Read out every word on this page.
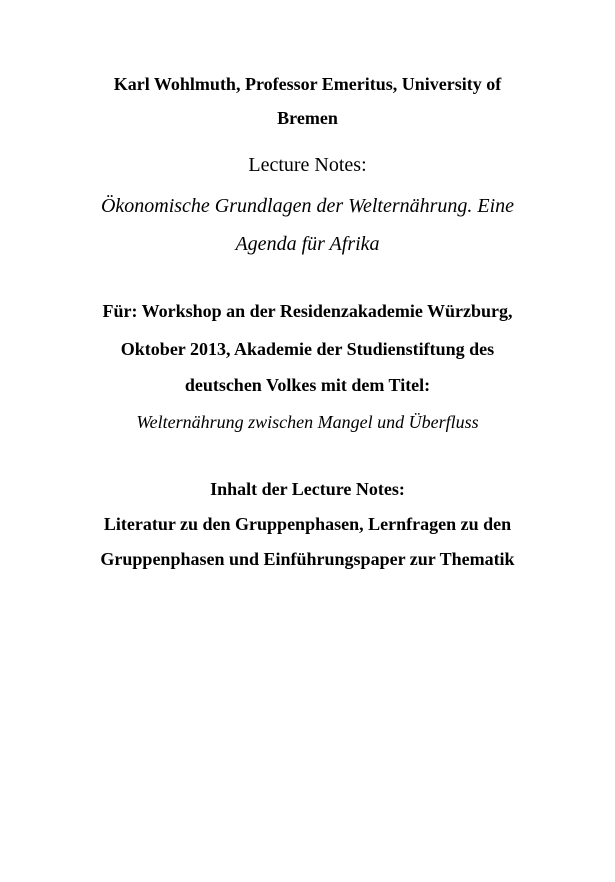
Karl Wohlmuth, Professor Emeritus, University of
Bremen
Lecture Notes:
Ökonomische Grundlagen der Welternährung. Eine
Agenda für Afrika
Für: Workshop an der Residenzakademie Würzburg,
Oktober 2013, Akademie der Studienstiftung des
deutschen Volkes mit dem Titel:
Welternährung zwischen Mangel und Überfluss
Inhalt der Lecture Notes:
Literatur zu den Gruppenphasen, Lernfragen zu den
Gruppenphasen und Einführungspaper zur Thematik
